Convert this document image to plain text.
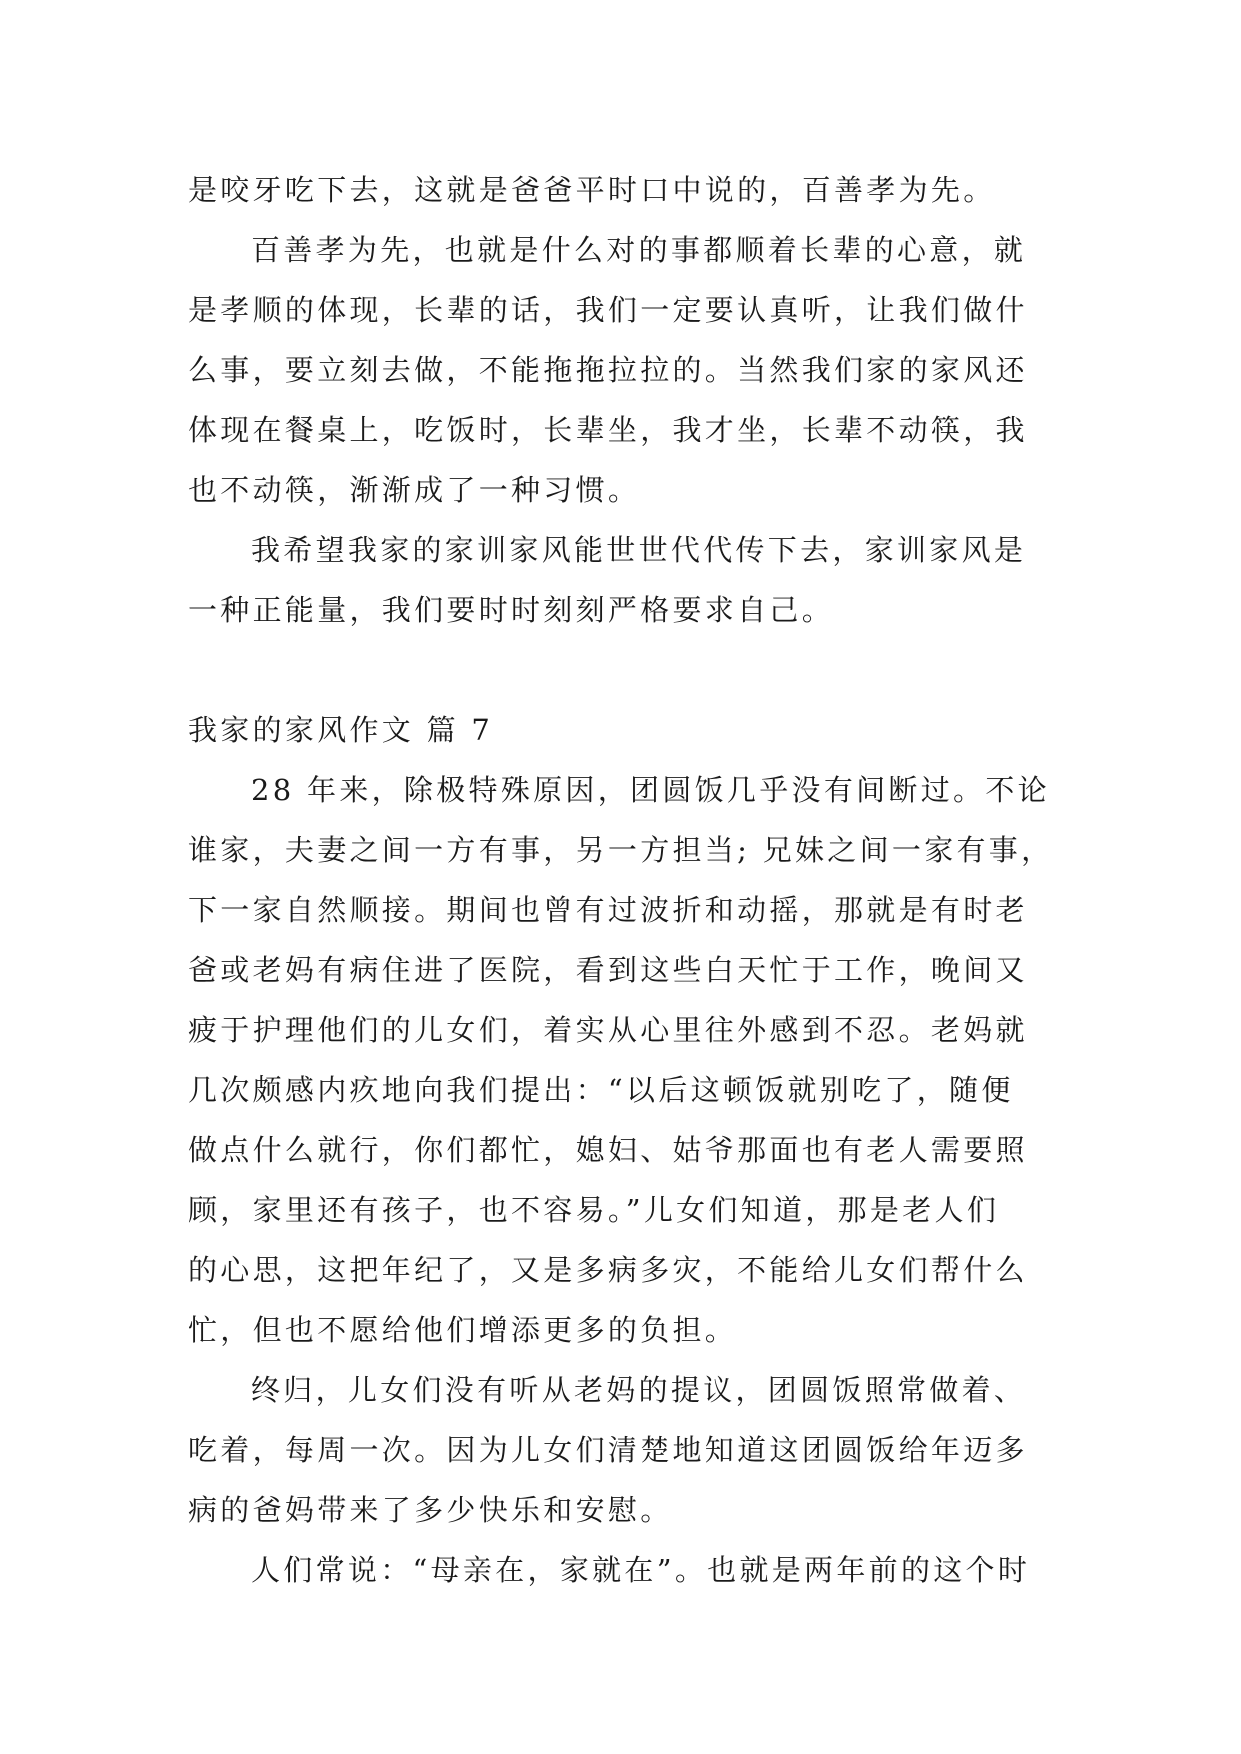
是咬牙吃下去，这就是爸爸平时口中说的，百善孝为先。
百善孝为先，也就是什么对的事都顺着长辈的心意，就
是孝顺的体现，长辈的话，我们一定要认真听，让我们做什
么事，要立刻去做，不能拖拖拉拉的。当然我们家的家风还
体现在餐桌上，吃饭时，长辈坐，我才坐，长辈不动筷，我
也不动筷，渐渐成了一种习惯。
我希望我家的家训家风能世世代代传下去，家训家风是
一种正能量，我们要时时刻刻严格要求自己。
我家的家风作文 篇 7
28 年来，除极特殊原因，团圆饭几乎没有间断过。不论
谁家，夫妻之间一方有事，另一方担当; 兄妹之间一家有事，
下一家自然顺接。期间也曾有过波折和动摇，那就是有时老
爸或老妈有病住进了医院，看到这些白天忙于工作，晚间又
疲于护理他们的儿女们，着实从心里往外感到不忍。老妈就
几次颇感内疚地向我们提出：“以后这顿饭就别吃了，随便
做点什么就行，你们都忙，媳妇、姑爷那面也有老人需要照
顾，家里还有孩子，也不容易。”儿女们知道，那是老人们
的心思，这把年纪了，又是多病多灾，不能给儿女们帮什么
忙，但也不愿给他们增添更多的负担。
终归，儿女们没有听从老妈的提议，团圆饭照常做着、
吃着，每周一次。因为儿女们清楚地知道这团圆饭给年迈多
病的爸妈带来了多少快乐和安慰。
人们常说：“母亲在，家就在”。也就是两年前的这个时
